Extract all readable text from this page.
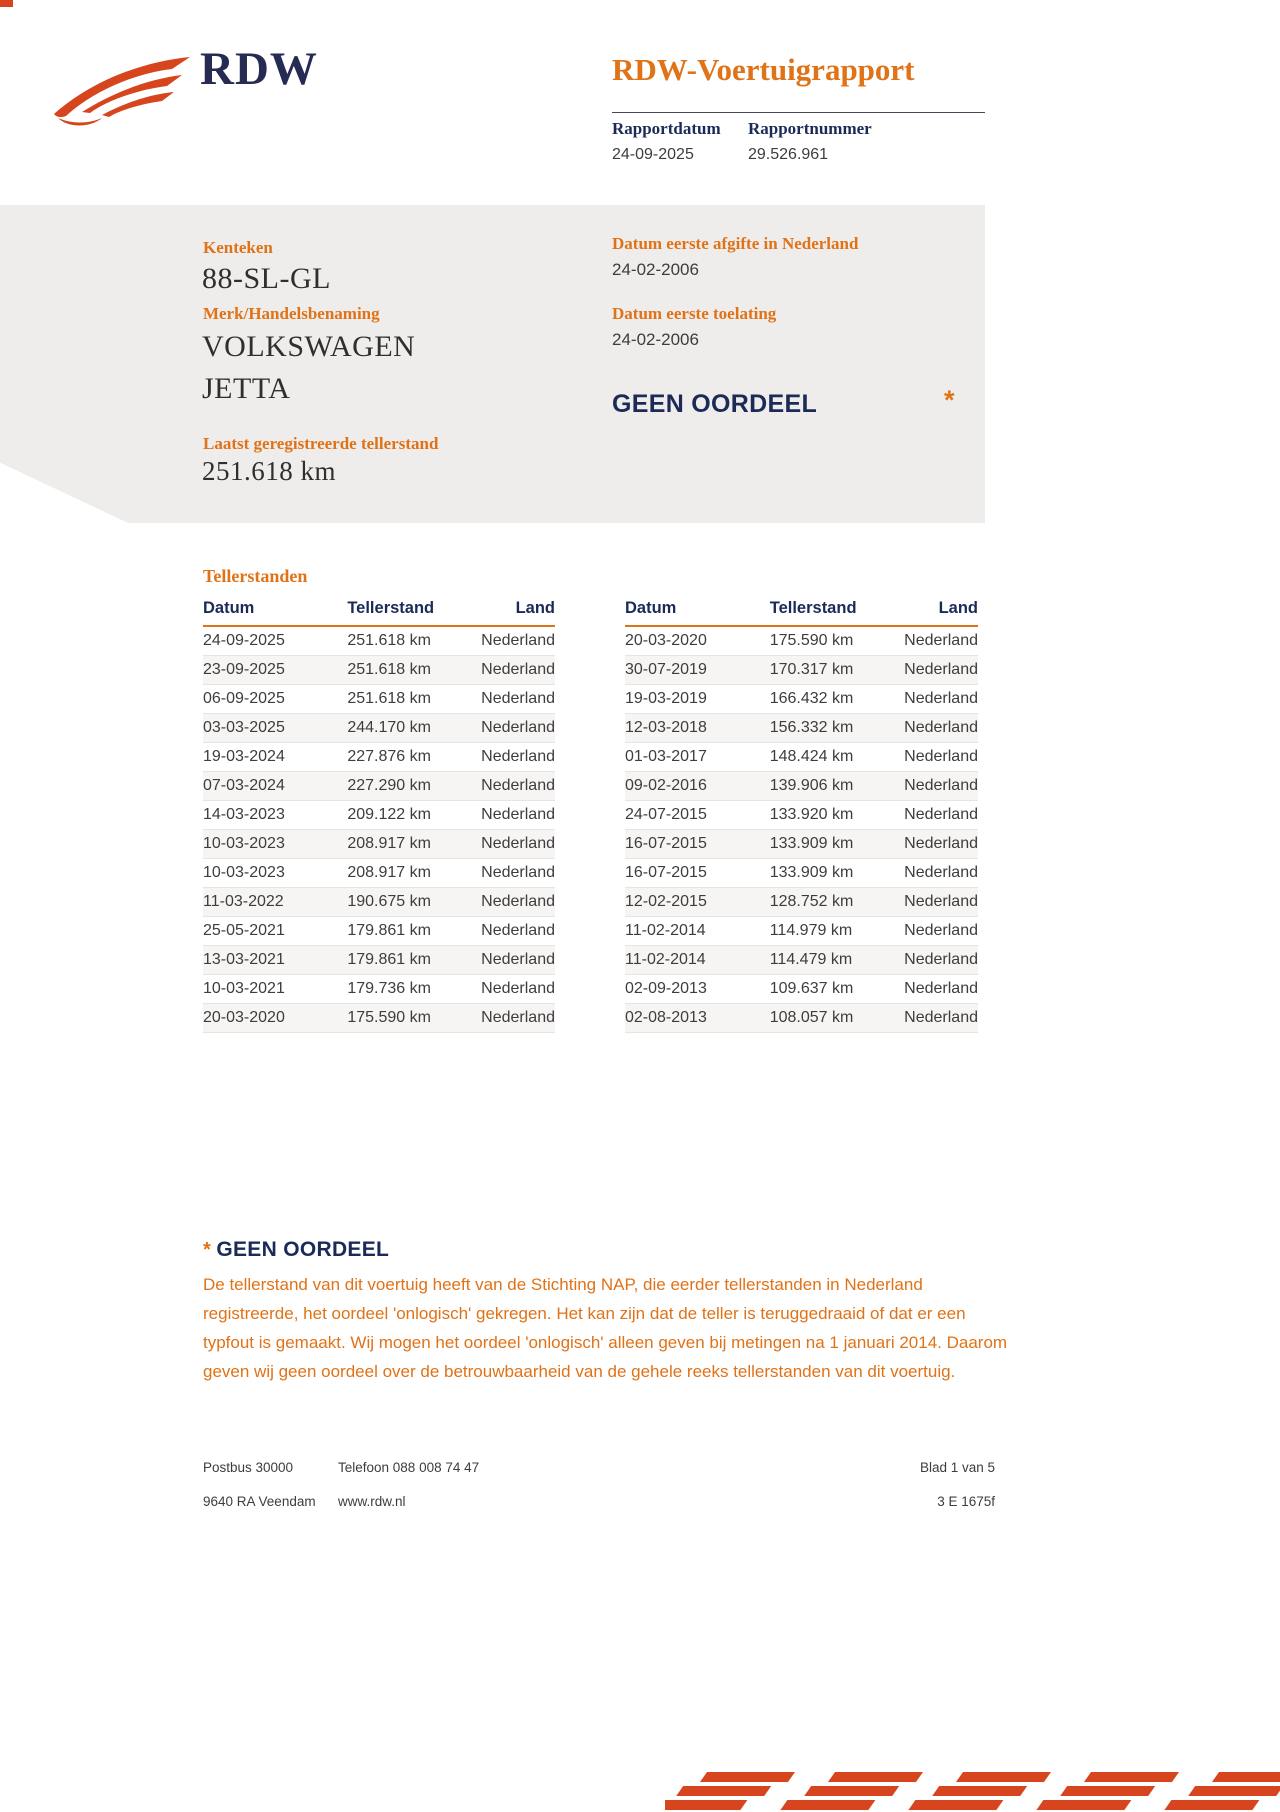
RDW	RDW-Voertuigrapport
Rapportdatum Rapportnummer
24-09-2025	29.526.961
Kenteken
88-SL-GL
Merk/Handelsbenaming
VOLKSWAGEN
JETTA
Laatst geregistreerde tellerstand
251.618 km
Datum eerste afgifte in Nederland
24-02-2006
Datum eerste toelating
24-02-2006
GEEN OORDEEL	*
Tellerstanden
Datum	Tellerstand	Land
24-09-2025	251.618 km	Nederland
23-09-2025	251.618 km	Nederland
06-09-2025	251.618 km	Nederland
03-03-2025	244.170 km	Nederland
19-03-2024	227.876 km	Nederland
07-03-2024	227.290 km	Nederland
14-03-2023	209.122 km	Nederland
10-03-2023	208.917 km	Nederland
10-03-2023	208.917 km	Nederland
11-03-2022	190.675 km	Nederland
25-05-2021	179.861 km	Nederland
13-03-2021	179.861 km	Nederland
10-03-2021	179.736 km	Nederland
20-03-2020	175.590 km	Nederland
Datum	Tellerstand	Land
20-03-2020	175.590 km	Nederland
30-07-2019	170.317 km	Nederland
19-03-2019	166.432 km	Nederland
12-03-2018	156.332 km	Nederland
01-03-2017	148.424 km	Nederland
09-02-2016	139.906 km	Nederland
24-07-2015	133.920 km	Nederland
16-07-2015	133.909 km	Nederland
16-07-2015	133.909 km	Nederland
12-02-2015	128.752 km	Nederland
11-02-2014	114.979 km	Nederland
11-02-2014	114.479 km	Nederland
02-09-2013	109.637 km	Nederland
02-08-2013	108.057 km	Nederland
* GEEN OORDEEL
De tellerstand van dit voertuig heeft van de Stichting NAP, die eerder tellerstanden in Nederland registreerde, het oordeel 'onlogisch' gekregen. Het kan zijn dat de teller is teruggedraaid of dat er een typfout is gemaakt. Wij mogen het oordeel 'onlogisch' alleen geven bij metingen na 1 januari 2014. Daarom geven wij geen oordeel over de betrouwbaarheid van de gehele reeks tellerstanden van dit voertuig.
Postbus 30000
9640 RA Veendam
Telefoon 088 008 74 47
www.rdw.nl
Blad 1 van 5
3 E 1675f
